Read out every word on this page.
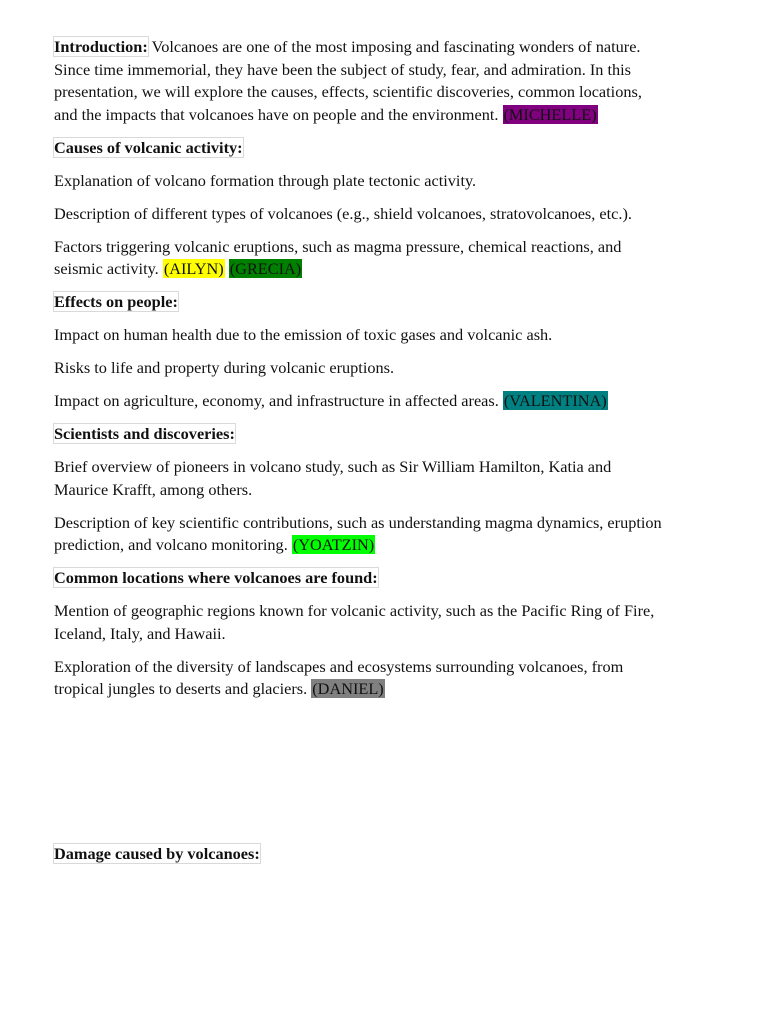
Introduction: Volcanoes are one of the most imposing and fascinating wonders of nature. Since time immemorial, they have been the subject of study, fear, and admiration. In this presentation, we will explore the causes, effects, scientific discoveries, common locations, and the impacts that volcanoes have on people and the environment. (MICHELLE)

Causes of volcanic activity:

Explanation of volcano formation through plate tectonic activity.

Description of different types of volcanoes (e.g., shield volcanoes, stratovolcanoes, etc.).

Factors triggering volcanic eruptions, such as magma pressure, chemical reactions, and seismic activity. (AILYN) (GRECIA)

Effects on people:

Impact on human health due to the emission of toxic gases and volcanic ash.

Risks to life and property during volcanic eruptions.

Impact on agriculture, economy, and infrastructure in affected areas. (VALENTINA)

Scientists and discoveries:

Brief overview of pioneers in volcano study, such as Sir William Hamilton, Katia and Maurice Krafft, among others.

Description of key scientific contributions, such as understanding magma dynamics, eruption prediction, and volcano monitoring. (YOATZIN)

Common locations where volcanoes are found:

Mention of geographic regions known for volcanic activity, such as the Pacific Ring of Fire, Iceland, Italy, and Hawaii.

Exploration of the diversity of landscapes and ecosystems surrounding volcanoes, from tropical jungles to deserts and glaciers. (DANIEL)

Damage caused by volcanoes:
